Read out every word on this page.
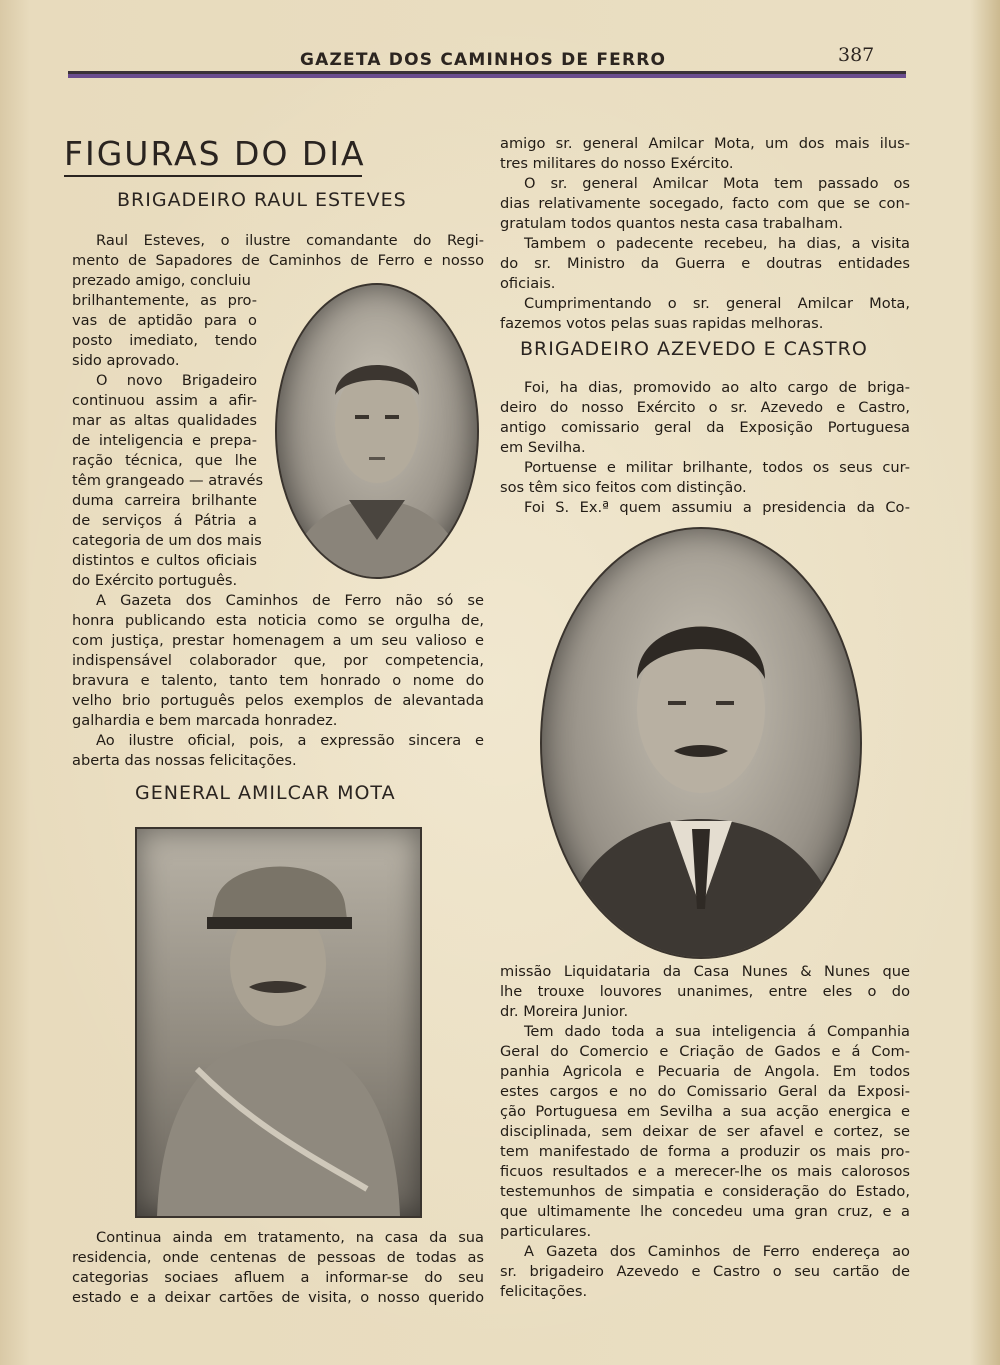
GAZETA DOS CAMINHOS DE FERRO	387
FIGURAS DO DIA
BRIGADEIRO RAUL ESTEVES
Raul Esteves, o ilustre comandante do Regi-
mento de Sapadores de Caminhos de Ferro e nosso
prezado amigo, concluiu
brilhantemente, as pro-
vas de aptidão para o
posto imediato, tendo
sido aprovado.
O novo Brigadeiro
continuou assim a afir-
mar as altas qualidades
de inteligencia e prepa-
ração técnica, que lhe
têm grangeado — através
duma carreira brilhante
de serviços á Pátria a
categoria de um dos mais
distintos e cultos oficiais
do Exército português.
A Gazeta dos Caminhos de Ferro não só se
honra publicando esta noticia como se orgulha de,
com justiça, prestar homenagem a um seu valioso e
indispensável colaborador que, por competencia,
bravura e talento, tanto tem honrado o nome do
velho brio português pelos exemplos de alevantada
galhardia e bem marcada honradez.
Ao ilustre oficial, pois, a expressão sincera e
aberta das nossas felicitações.
GENERAL AMILCAR MOTA
Continua ainda em tratamento, na casa da sua
residencia, onde centenas de pessoas de todas as
categorias sociaes afluem a informar-se do seu
estado e a deixar cartões de visita, o nosso querido
amigo sr. general Amilcar Mota, um dos mais ilus-
tres militares do nosso Exército.
O sr. general Amilcar Mota tem passado os
dias relativamente socegado, facto com que se con-
gratulam todos quantos nesta casa trabalham.
Tambem o padecente recebeu, ha dias, a visita
do sr. Ministro da Guerra e doutras entidades
oficiais.
Cumprimentando o sr. general Amilcar Mota,
fazemos votos pelas suas rapidas melhoras.
BRIGADEIRO AZEVEDO E CASTRO
Foi, ha dias, promovido ao alto cargo de briga-
deiro do nosso Exército o sr. Azevedo e Castro,
antigo comissario geral da Exposição Portuguesa
em Sevilha.
Portuense e militar brilhante, todos os seus cur-
sos têm sico feitos com distinção.
Foi S. Ex.ª quem assumiu a presidencia da Co-
missão Liquidataria da Casa Nunes & Nunes que
lhe trouxe louvores unanimes, entre eles o do
dr. Moreira Junior.
Tem dado toda a sua inteligencia á Companhia
Geral do Comercio e Criação de Gados e á Com-
panhia Agricola e Pecuaria de Angola. Em todos
estes cargos e no do Comissario Geral da Exposi-
ção Portuguesa em Sevilha a sua acção energica e
disciplinada, sem deixar de ser afavel e cortez, se
tem manifestado de forma a produzir os mais pro-
ficuos resultados e a merecer-lhe os mais calorosos
testemunhos de simpatia e consideração do Estado,
que ultimamente lhe concedeu uma gran cruz, e a
particulares.
A Gazeta dos Caminhos de Ferro endereça ao
sr. brigadeiro Azevedo e Castro o seu cartão de
felicitações.
